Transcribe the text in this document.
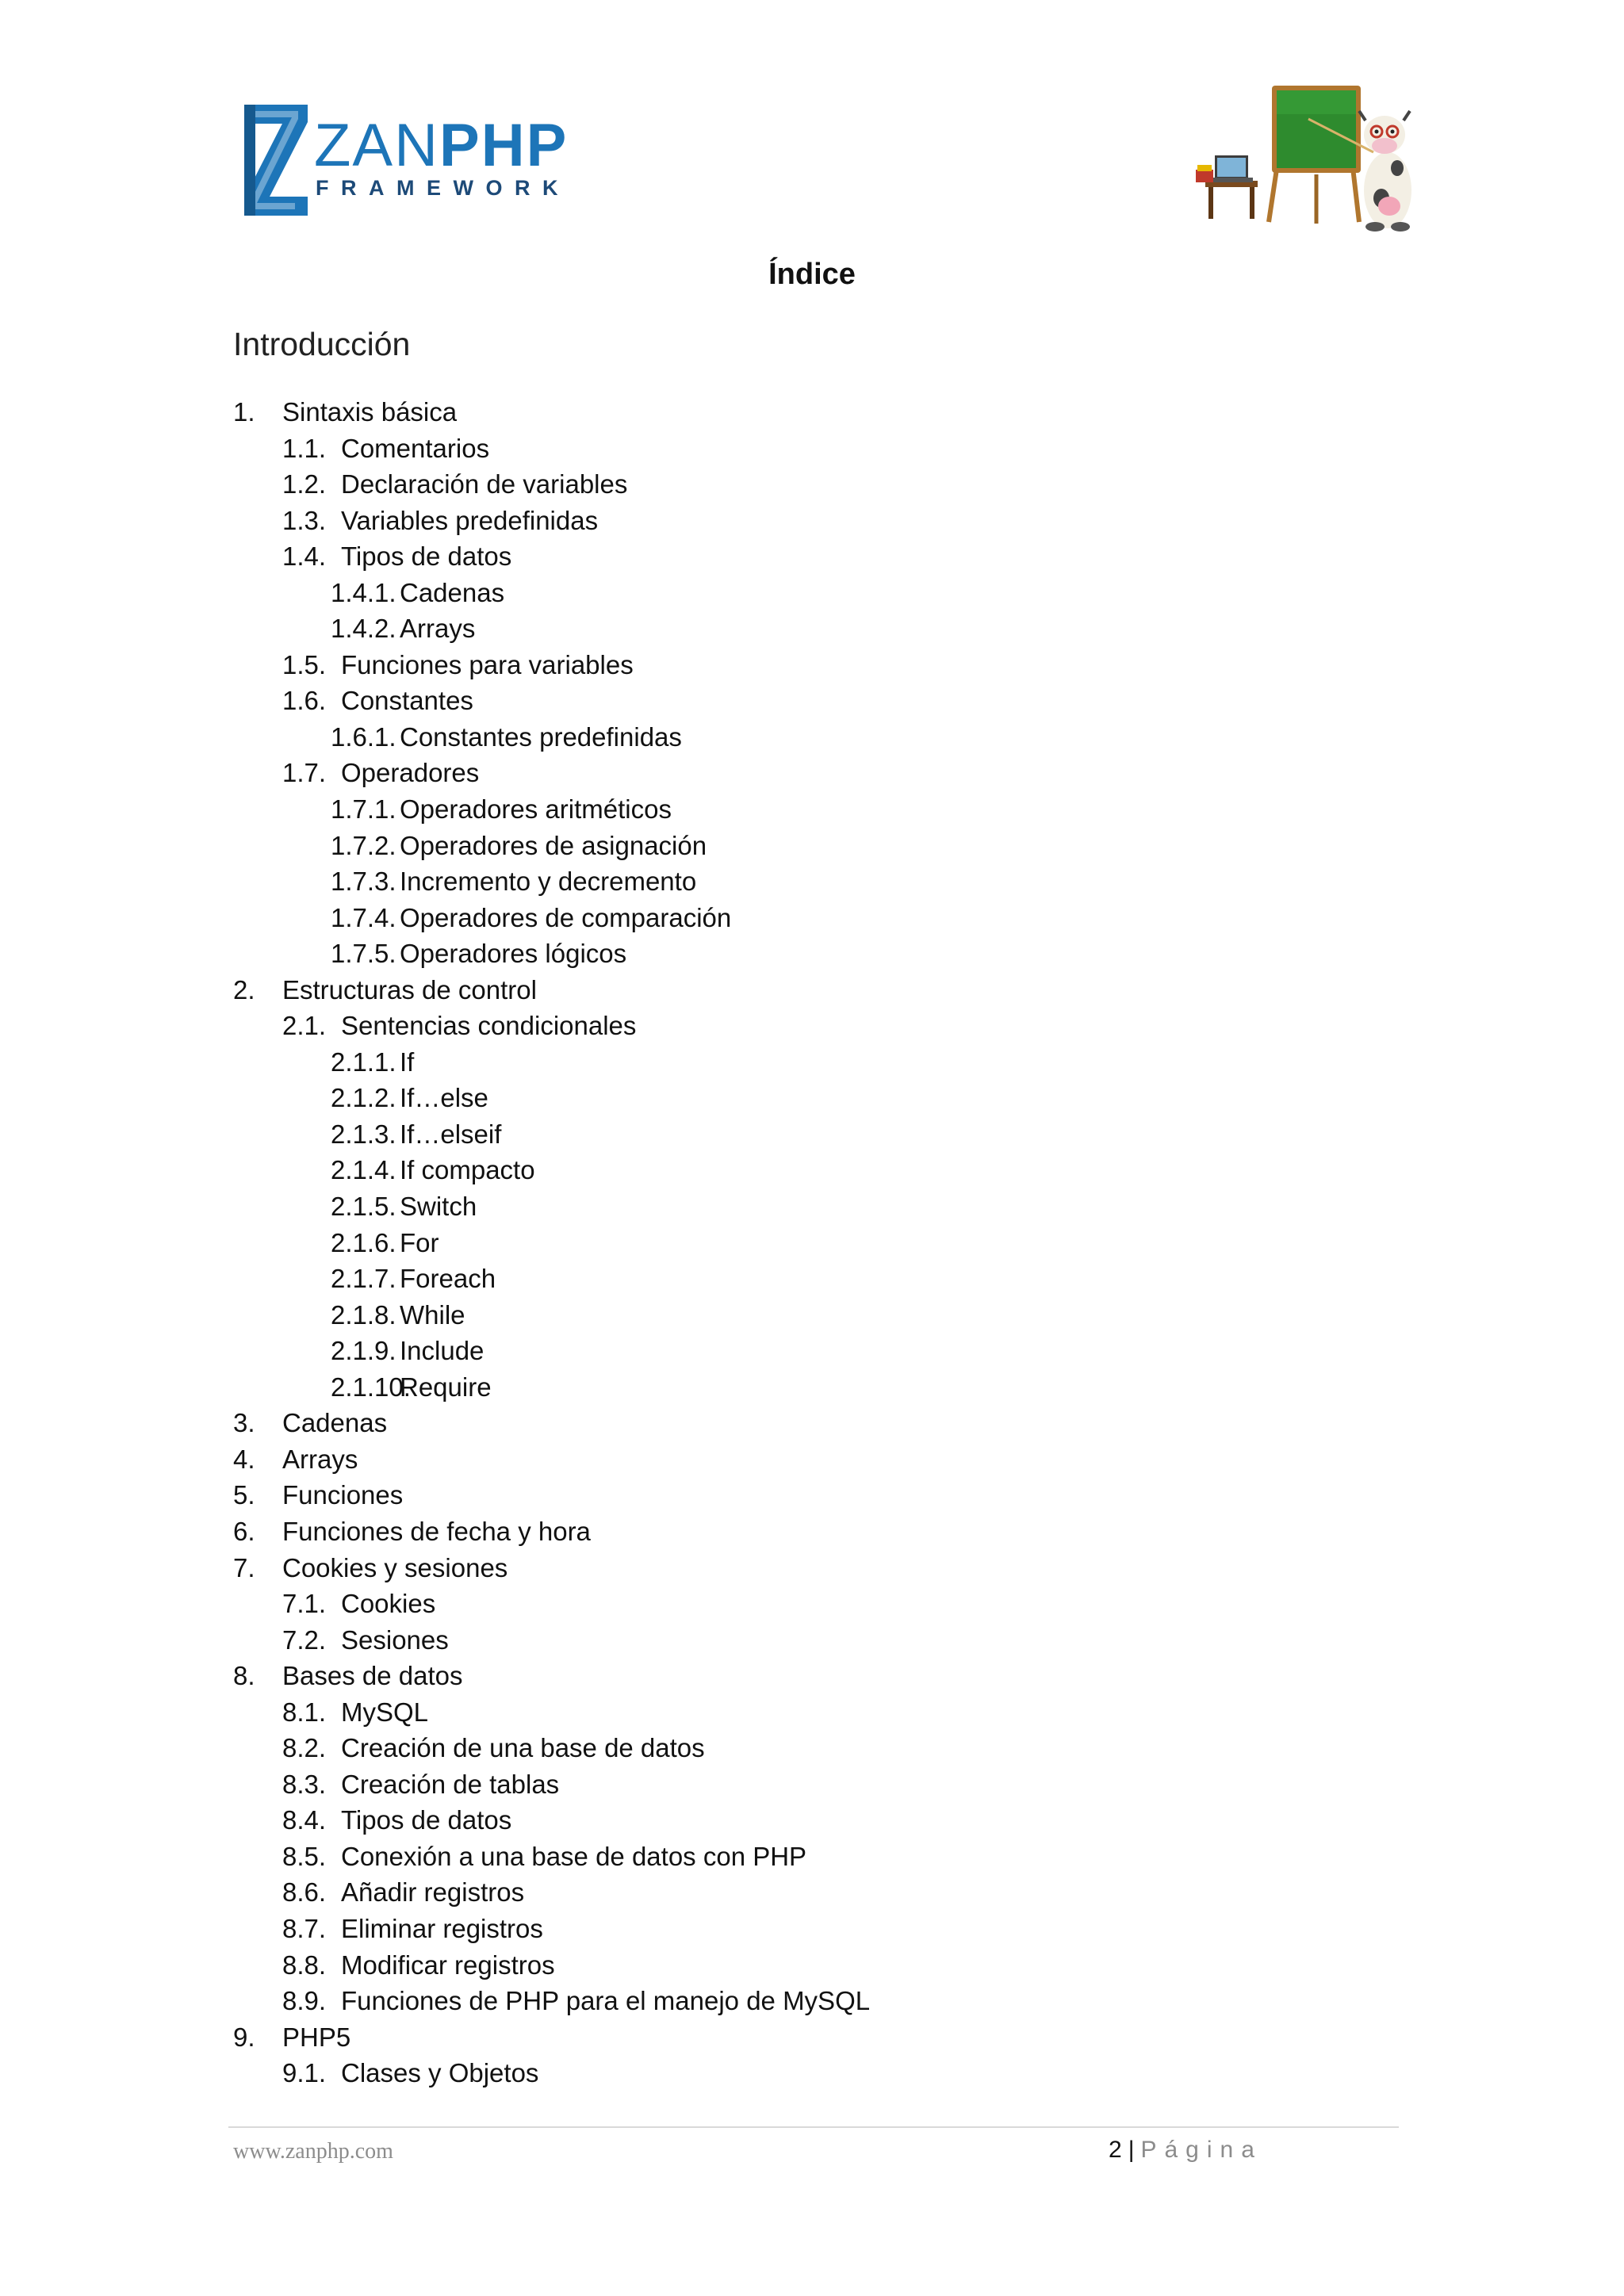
ZANPHP
FRAMEWORK
Índice
Introducción
1. Sintaxis básica
1.1. Comentarios
1.2. Declaración de variables
1.3. Variables predefinidas
1.4. Tipos de datos
1.4.1. Cadenas
1.4.2. Arrays
1.5. Funciones para variables
1.6. Constantes
1.6.1. Constantes predefinidas
1.7. Operadores
1.7.1. Operadores aritméticos
1.7.2. Operadores de asignación
1.7.3. Incremento y decremento
1.7.4. Operadores de comparación
1.7.5. Operadores lógicos
2. Estructuras de control
2.1. Sentencias condicionales
2.1.1. If
2.1.2. If…else
2.1.3. If…elseif
2.1.4. If compacto
2.1.5. Switch
2.1.6. For
2.1.7. Foreach
2.1.8. While
2.1.9. Include
2.1.10.
Require
3. Cadenas
4. Arrays
5. Funciones
6. Funciones de fecha y hora
7. Cookies y sesiones
7.1. Cookies
7.2. Sesiones
8. Bases de datos
8.1. MySQL
8.2. Creación de una base de datos
8.3. Creación de tablas
8.4. Tipos de datos
8.5. Conexión a una base de datos con PHP
8.6. Añadir registros
8.7. Eliminar registros
8.8. Modificar registros
8.9. Funciones de PHP para el manejo de MySQL
9. PHP5
9.1. Clases y Objetos
www.zanphp.com	2 | Página
